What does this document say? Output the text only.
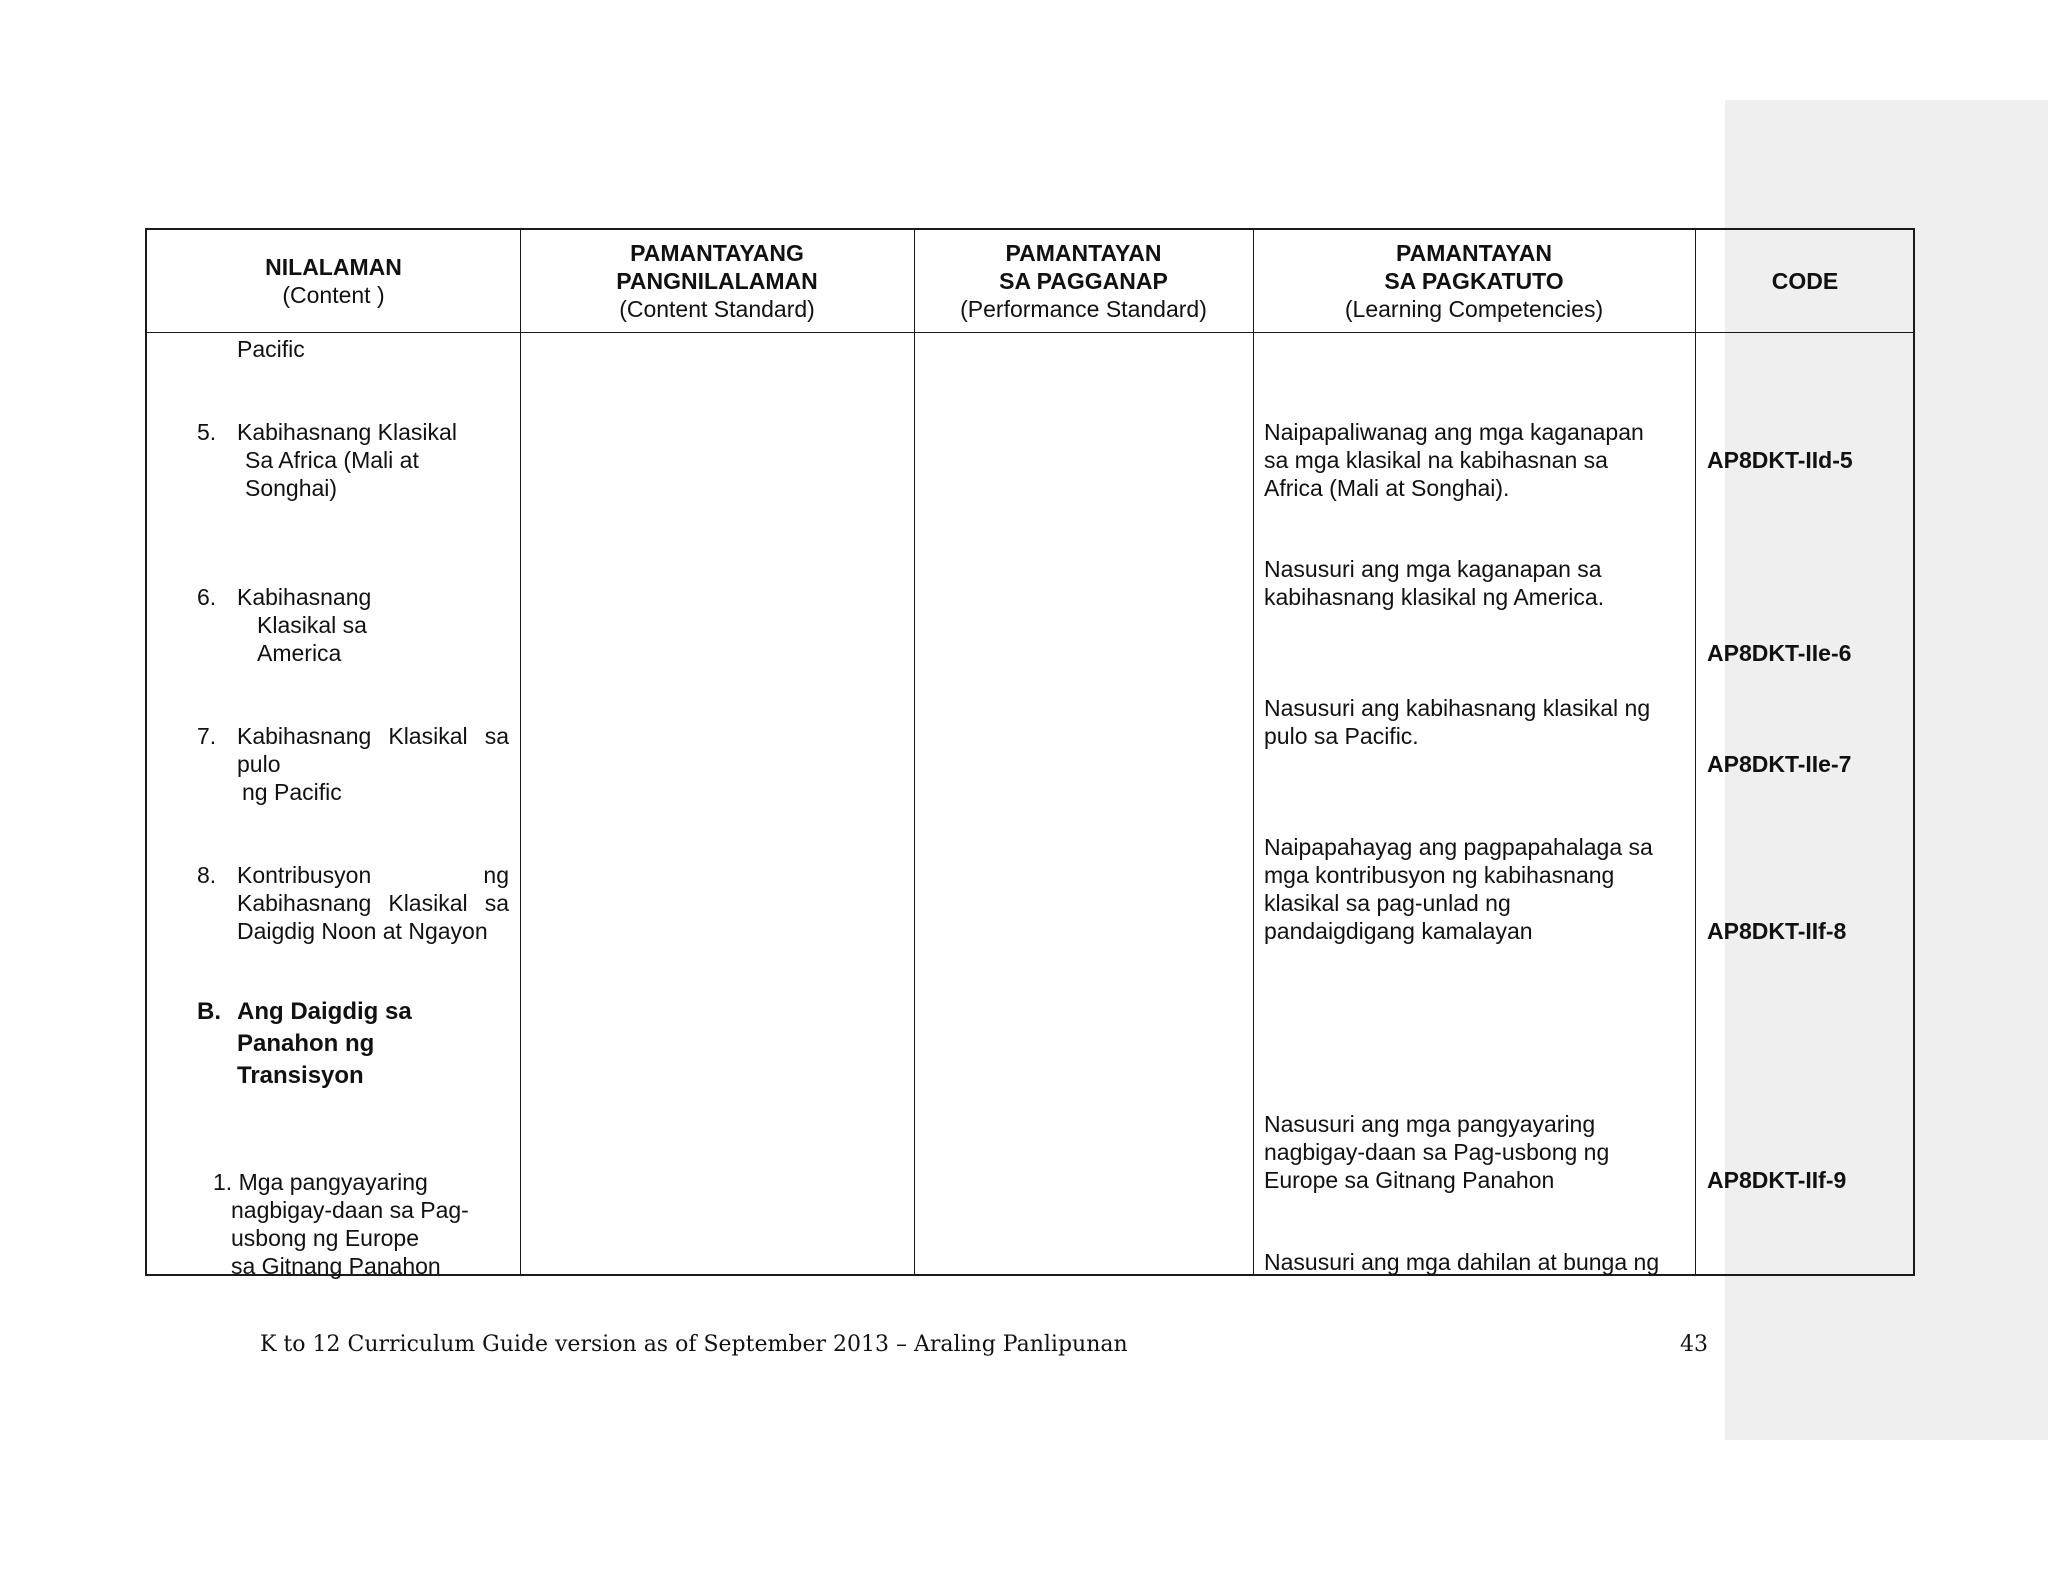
NILALAMAN
(Content )
PAMANTAYANG
PANGNILALAMAN
(Content Standard)
PAMANTAYAN
SA PAGGANAP
(Performance Standard)
PAMANTAYAN
SA PAGKATUTO
(Learning Competencies)
CODE
Pacific
5. Kabihasnang Klasikal
Sa Africa (Mali at
Songhai)
6. Kabihasnang
Klasikal sa
America
7. Kabihasnang Klasikal sa
pulo
ng Pacific
8. Kontribusyon	ng
Kabihasnang Klasikal sa
Daigdig Noon at Ngayon
B. Ang Daigdig sa
Panahon ng
Transisyon
1. Mga pangyayaring
nagbigay-daan sa Pag-
usbong ng Europe
sa Gitnang Panahon
Naipapaliwanag ang mga kaganapan
sa mga klasikal na kabihasnan sa
Africa (Mali at Songhai).
Nasusuri ang mga kaganapan sa
kabihasnang klasikal ng America.
Nasusuri ang kabihasnang klasikal ng
pulo sa Pacific.
Naipapahayag ang pagpapahalaga sa
mga kontribusyon ng kabihasnang
klasikal sa pag-unlad ng
pandaigdigang kamalayan
Nasusuri ang mga pangyayaring
nagbigay-daan sa Pag-usbong ng
Europe sa Gitnang Panahon
Nasusuri ang mga dahilan at bunga ng
AP8DKT-IId-5
AP8DKT-IIe-6
AP8DKT-IIe-7
AP8DKT-IIf-8
AP8DKT-IIf-9
K to 12 Curriculum Guide version as of September 2013 – Araling Panlipunan	43
